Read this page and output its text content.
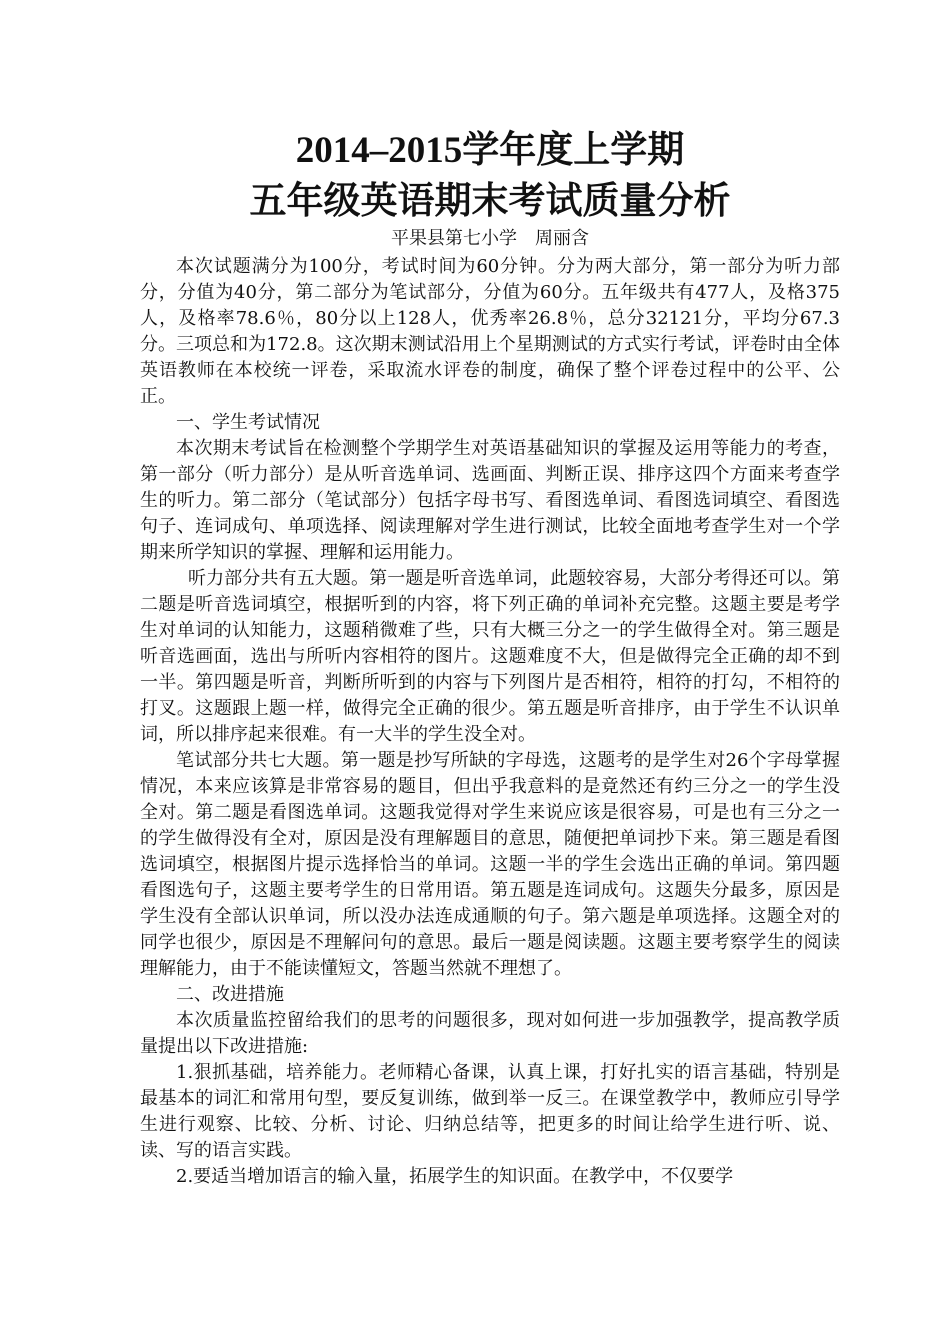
2014–2015学年度上学期
五年级英语期末考试质量分析

平果县第七小学　周丽含

本次试题满分为100分，考试时间为60分钟。分为两大部分，第一部分为听力部分，分值为40分，第二部分为笔试部分，分值为60分。五年级共有477人，及格375人，及格率78.6％，80分以上128人，优秀率26.8％，总分32121分，平均分67.3分。三项总和为172.8。这次期末测试沿用上个星期测试的方式实行考试，评卷时由全体英语教师在本校统一评卷，采取流水评卷的制度，确保了整个评卷过程中的公平、公正。

一、学生考试情况

本次期末考试旨在检测整个学期学生对英语基础知识的掌握及运用等能力的考查，第一部分（听力部分）是从听音选单词、选画面、判断正误、排序这四个方面来考查学生的听力。第二部分（笔试部分）包括字母书写、看图选单词、看图选词填空、看图选句子、连词成句、单项选择、阅读理解对学生进行测试，比较全面地考查学生对一个学期来所学知识的掌握、理解和运用能力。

听力部分共有五大题。第一题是听音选单词，此题较容易，大部分考得还可以。第二题是听音选词填空，根据听到的内容，将下列正确的单词补充完整。这题主要是考学生对单词的认知能力，这题稍微难了些，只有大概三分之一的学生做得全对。第三题是听音选画面，选出与所听内容相符的图片。这题难度不大，但是做得完全正确的却不到一半。第四题是听音，判断所听到的内容与下列图片是否相符，相符的打勾，不相符的打叉。这题跟上题一样，做得完全正确的很少。第五题是听音排序，由于学生不认识单词，所以排序起来很难。有一大半的学生没全对。

笔试部分共七大题。第一题是抄写所缺的字母选，这题考的是学生对26个字母掌握情况，本来应该算是非常容易的题目，但出乎我意料的是竟然还有约三分之一的学生没全对。第二题是看图选单词。这题我觉得对学生来说应该是很容易，可是也有三分之一的学生做得没有全对，原因是没有理解题目的意思，随便把单词抄下来。第三题是看图选词填空，根据图片提示选择恰当的单词。这题一半的学生会选出正确的单词。第四题看图选句子，这题主要考学生的日常用语。第五题是连词成句。这题失分最多，原因是学生没有全部认识单词，所以没办法连成通顺的句子。第六题是单项选择。这题全对的同学也很少，原因是不理解问句的意思。最后一题是阅读题。这题主要考察学生的阅读理解能力，由于不能读懂短文，答题当然就不理想了。

二、改进措施

本次质量监控留给我们的思考的问题很多，现对如何进一步加强教学，提高教学质量提出以下改进措施:

1.狠抓基础，培养能力。老师精心备课，认真上课，打好扎实的语言基础，特别是最基本的词汇和常用句型，要反复训练，做到举一反三。在课堂教学中，教师应引导学生进行观察、比较、分析、讨论、归纳总结等，把更多的时间让给学生进行听、说、读、写的语言实践。

2.要适当增加语言的输入量，拓展学生的知识面。在教学中，不仅要学
